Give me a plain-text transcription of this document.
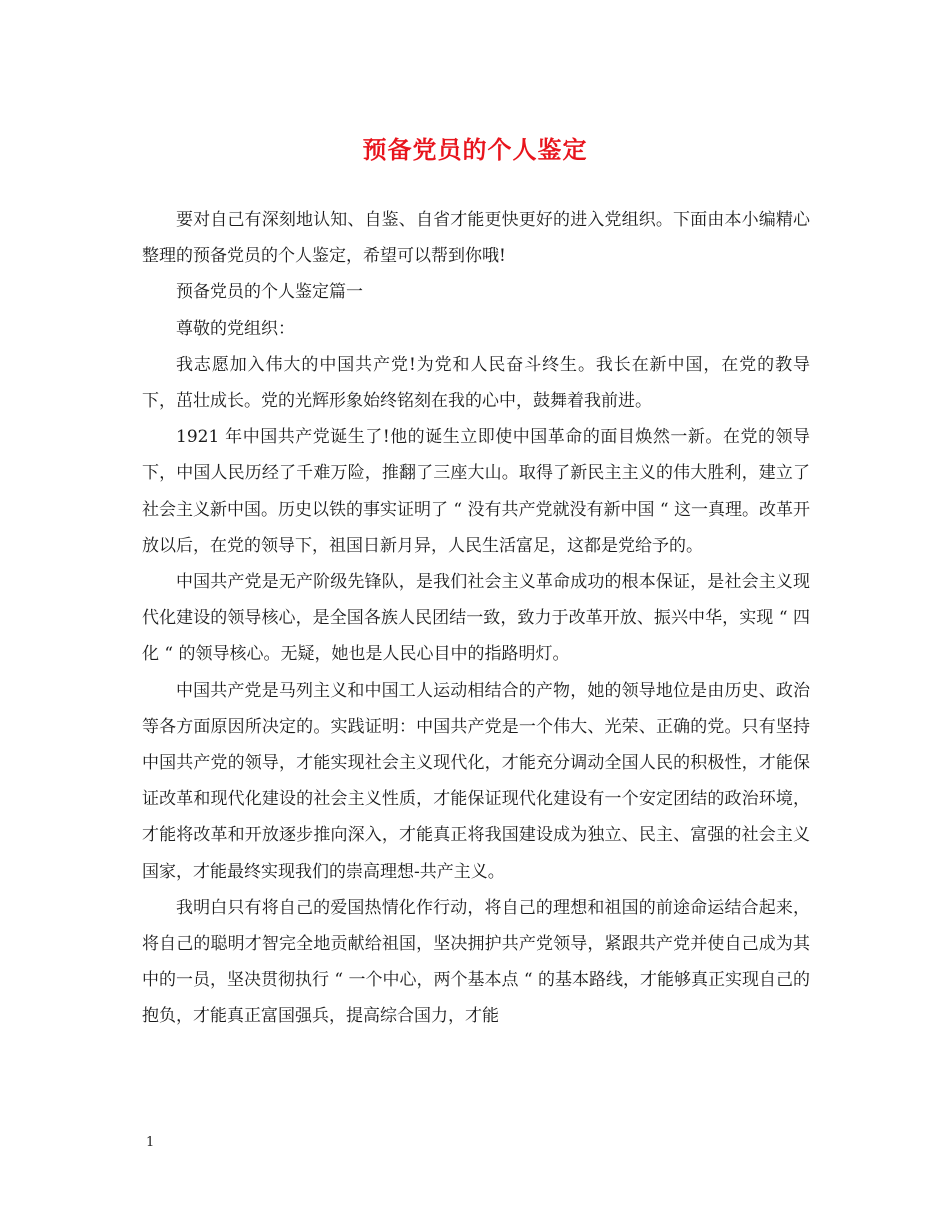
预备党员的个人鉴定

要对自己有深刻地认知、自鉴、自省才能更快更好的进入党组织。下面由本小编精心整理的预备党员的个人鉴定，希望可以帮到你哦!

预备党员的个人鉴定篇一

尊敬的党组织：

我志愿加入伟大的中国共产党!为党和人民奋斗终生。我长在新中国，在党的教导下，茁壮成长。党的光辉形象始终铭刻在我的心中，鼓舞着我前进。

1921 年中国共产党诞生了!他的诞生立即使中国革命的面目焕然一新。在党的领导下，中国人民历经了千难万险，推翻了三座大山。取得了新民主主义的伟大胜利，建立了社会主义新中国。历史以铁的事实证明了 “ 没有共产党就没有新中国 “ 这一真理。改革开放以后，在党的领导下，祖国日新月异，人民生活富足，这都是党给予的。

中国共产党是无产阶级先锋队，是我们社会主义革命成功的根本保证，是社会主义现代化建设的领导核心，是全国各族人民团结一致，致力于改革开放、振兴中华，实现 “ 四化 “ 的领导核心。无疑，她也是人民心目中的指路明灯。

中国共产党是马列主义和中国工人运动相结合的产物，她的领导地位是由历史、政治等各方面原因所决定的。实践证明：中国共产党是一个伟大、光荣、正确的党。只有坚持中国共产党的领导，才能实现社会主义现代化，才能充分调动全国人民的积极性，才能保证改革和现代化建设的社会主义性质，才能保证现代化建设有一个安定团结的政治环境，才能将改革和开放逐步推向深入，才能真正将我国建设成为独立、民主、富强的社会主义国家，才能最终实现我们的崇高理想-共产主义。

我明白只有将自己的爱国热情化作行动，将自己的理想和祖国的前途命运结合起来，将自己的聪明才智完全地贡献给祖国，坚决拥护共产党领导，紧跟共产党并使自己成为其中的一员，坚决贯彻执行 “ 一个中心，两个基本点 “ 的基本路线，才能够真正实现自己的抱负，才能真正富国强兵，提高综合国力，才能

1
